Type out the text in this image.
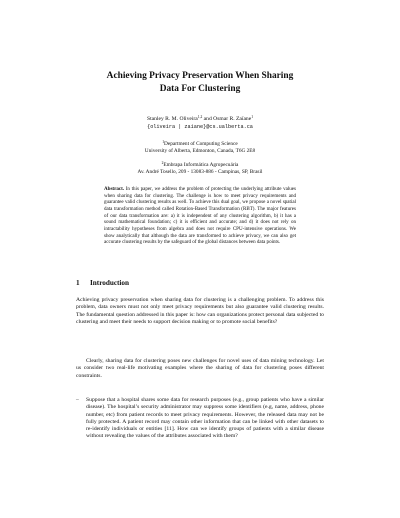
Achieving Privacy Preservation When Sharing
Data For Clustering
Stanley R. M. Oliveira$^{1,2}$ and Osmar R. Zaïane$^1$
{oliveira | zaiane}@cs.ualberta.ca
$^1$Department of Computing Science
University of Alberta, Edmonton, Canada, T6G 2E8
$^2$Embrapa Informática Agropecuária
Av. André Tosello, 209 - 13083-886 - Campinas, SP, Brasil
Abstract. In this paper, we address the problem of protecting the underlying attribute values when sharing data for clustering. The challenge is how to meet privacy requirements and guarantee valid clustering results as well. To achieve this dual goal, we propose a novel spatial data transformation method called Rotation-Based Transformation (RBT). The major features of our data transformation are: a) it is independent of any clustering algorithm, b) it has a sound mathematical foundation; c) it is efficient and accurate; and d) it does not rely on intractability hypotheses from algebra and does not require CPU-intensive operations. We show analytically that although the data are transformed to achieve privacy, we can also get accurate clustering results by the safeguard of the global distances between data points.
1 Introduction
Achieving privacy preservation when sharing data for clustering is a challenging problem. To address this problem, data owners must not only meet privacy requirements but also guarantee valid clustering results. The fundamental question addressed in this paper is: how can organizations protect personal data subjected to clustering and meet their needs to support decision making or to promote social benefits?
Clearly, sharing data for clustering poses new challenges for novel uses of data mining technology. Let us consider two real-life motivating examples where the sharing of data for clustering poses different constraints.
– Suppose that a hospital shares some data for research purposes (e.g., group patients who have a similar disease). The hospital’s security administrator may suppress some identifiers (e.g, name, address, phone number, etc) from patient records to meet privacy requirements. However, the released data may not be fully protected. A patient record may contain other information that can be linked with other datasets to re-identify individuals or entities [11]. How can we identify groups of patients with a similar disease without revealing the values of the attributes associated with them?
